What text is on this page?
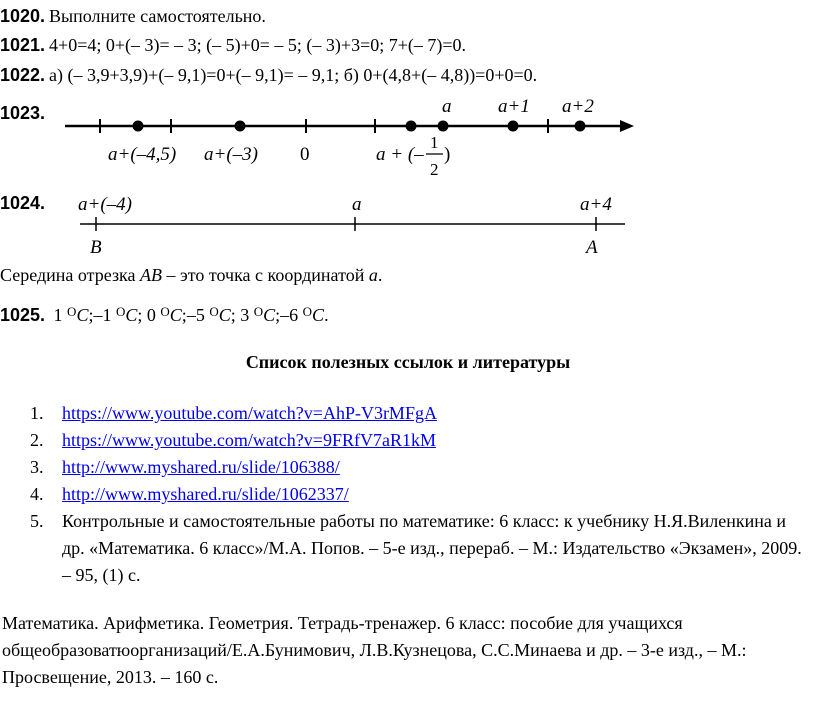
1020. Выполните самостоятельно.
1021. 4+0=4; 0+(– 3)= – 3; (– 5)+0= – 5; (– 3)+3=0; 7+(– 7)=0.
1022. а) (– 3,9+3,9)+(– 9,1)=0+(– 9,1)= – 9,1; б) 0+(4,8+(– 4,8))=0+0=0.
1023.	a a+1 a+2
a+(–4,5) a+(–3) 0	a + (–
1
2
)
1024. a+(–4)	a	a+4
B	A
Середина отрезка AB – это точка с координатой a.
1025. 1 $^O$C;–1 $^O$C; 0 $^O$C;–5 $^O$C; 3 $^O$C;–6 $^O$C.
Список полезных ссылок и литературы
1. https://www.youtube.com/watch?v=AhP-V3rMFgA
2. https://www.youtube.com/watch?v=9FRfV7aR1kM
3. http://www.myshared.ru/slide/106388/
4. http://www.myshared.ru/slide/1062337/
5. Контрольные и самостоятельные работы по математике: 6 класс: к учебнику Н.Я.Виленкина и др. «Математика. 6 класс»/М.А. Попов. – 5-е изд., перераб. – М.: Издательство «Экзамен», 2009. – 95, (1) с.
Математика. Арифметика. Геометрия. Тетрадь-тренажер. 6 класс: пособие для учащихся общеобразоватюорганизаций/Е.А.Бунимович, Л.В.Кузнецова, С.С.Минаева и др. – 3-е изд., – М.: Просвещение, 2013. – 160 с.
